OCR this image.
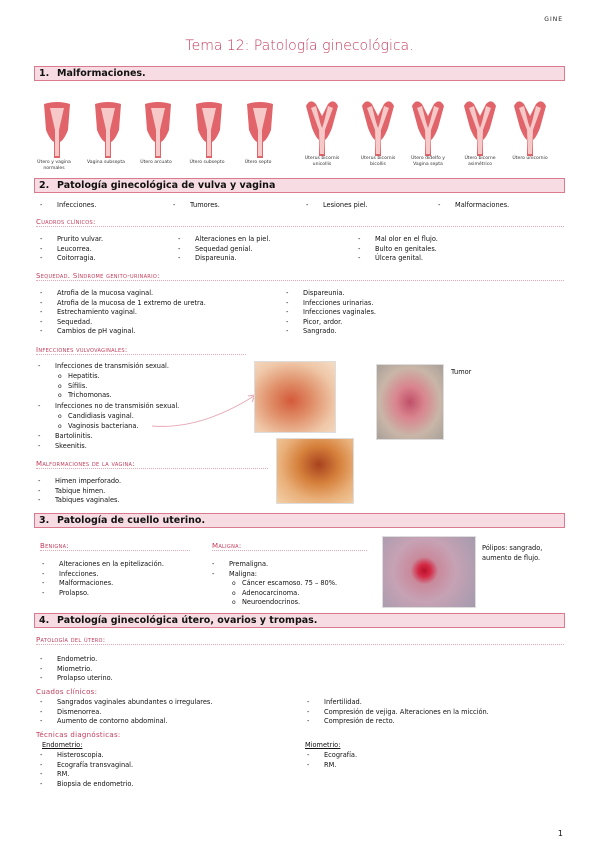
GINE
Tema 12: Patología ginecológica.
1. Malformaciones.
Útero y vagina normales
Vagina subsepta	Útero arcuato	Útero subsepto	Útero septo
Uterus bicornis unicollis
Uterus bicornis bicollis
Útero didelfo y Vagina septa
Útero bicorne asimétrico
Útero unicornio
2. Patología ginecológica de vulva y vagina
- Infecciones.	- Tumores.	- Lesiones piel.	- Malformaciones.
Cuadros clínicos:
- Prurito vulvar.
- Leucorrea.
- Coitorragia.
- Alteraciones en la piel.
- Sequedad genial.
- Dispareunia.
- Mal olor en el flujo.
- Bulto en genitales.
- Úlcera genital.
Sequedad. Síndrome genito-urinario:
- Atrofia de la mucosa vaginal.
- Atrofia de la mucosa de 1 extremo de uretra.
- Estrechamiento vaginal.
- Sequedad.
- Cambios de pH vaginal.
- Dispareunia.
- Infecciones urinarias.
- Infecciones vaginales.
- Picor, ardor.
- Sangrado.
Infecciones vulvovaginales:
- Infecciones de transmisión sexual.
o Hepatitis.
o Sífilis.
o Trichomonas.
- Infecciones no de transmisión sexual.
o Candidiasis vaginal.
o Vaginosis bacteriana.
- Bartolinitis.
- Skeenitis.
Tumor
Malformaciones de la vagina:
- Himen imperforado.
- Tabique himen.
- Tabiques vaginales.
3. Patología de cuello uterino.
Benigna:
- Alteraciones en la epitelización.
- Infecciones.
- Malformaciones.
- Prolapso.
Maligna:
- Premaligna.
- Maligna:
o Cáncer escamoso. 75 – 80%.
o Adenocarcinoma.
o Neuroendocrinos.
Pólipos: sangrado, aumento de flujo.
4. Patología ginecológica útero, ovarios y trompas.
Patología del útero:
- Endometrio.
- Miometrio.
- Prolapso uterino.
Cuados clínicos:
- Sangrados vaginales abundantes o irregulares.
- Dismenorrea.
- Aumento de contorno abdominal.
- Infertilidad.
- Compresión de vejiga. Alteraciones en la micción.
- Compresión de recto.
Técnicas diagnósticas:
Endometrio:
- Histeroscopia.
- Ecografía transvaginal.
- RM.
- Biopsia de endometrio.
Miometrio:
- Ecografía.
- RM.
1
